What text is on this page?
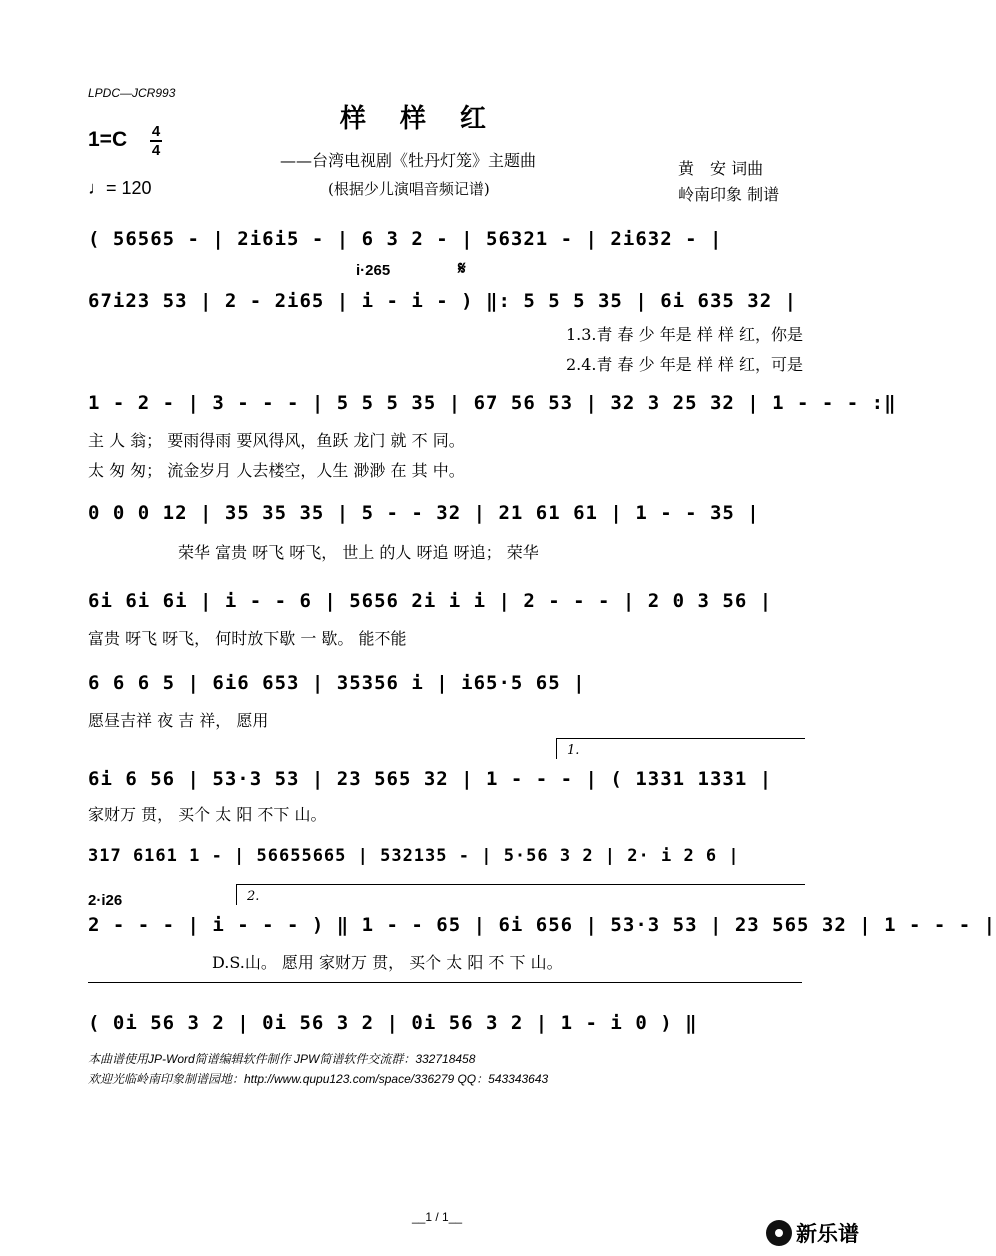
LPDC—JCR993
样样红
——台湾电视剧《牡丹灯笼》主题曲
(根据少儿演唱音频记谱)
1=C 4
4
♩= 120
黄　安 词曲
岭南印象 制谱
( 56565 - | 2i6i5 - | 6 3 2 - | 56321 - | 2i632 - |
i·265	𝄋
67i23 53 | 2 - 2i65 | i - i - ) ‖: 5 5 5 35 | 6i 635 32 |
1.3.青 春 少 年是 样 样 红，你是
2.4.青 春 少 年是 样 样 红，可是
1 - 2 - | 3 - - - | 5 5 5 35 | 67 56 53 | 32 3 25 32 | 1 - - - :‖
主 人 翁； 要雨得雨 要风得风，鱼跃 龙门 就 不 同。
太 匆 匆； 流金岁月 人去楼空，人生 渺渺 在 其 中。
0 0 0 12 | 35 35 35 | 5 - - 32 | 21 61 61 | 1 - - 35 |
荣华 富贵 呀飞 呀飞， 世上 的人 呀追 呀追； 荣华
6i 6i 6i | i - - 6 | 5656 2i i i | 2 - - - | 2 0 3 56 |
富贵 呀飞 呀飞， 何时放下歇 一 歇。 能不能
6 6 6 5 | 6i6 653 | 35356 i | i65·5 65 |
愿昼吉祥 夜 吉 祥， 愿用
1.
6i 6 56 | 53·3 53 | 23 565 32 | 1 - - - | ( 1331 1331 |
家财万 贯， 买个 太 阳 不下 山。
317 6161 1 - | 56655665 | 532135 - | 5·56 3 2 | 2· i 2 6 |
2.
2·i26
2 - - - | i - - - ) ‖ 1 - - 65 | 6i 656 | 53·3 53 | 23 565 32 | 1 - - - |
D.S.山。 愿用 家财万 贯， 买个 太 阳 不 下 山。
( 0i 56 3 2 | 0i 56 3 2 | 0i 56 3 2 | 1 - i 0 ) ‖
本曲谱使用JP-Word简谱编辑软件制作 JPW简谱软件交流群：332718458
欢迎光临岭南印象制谱园地：http://www.qupu123.com/space/336279 QQ：543343643
__1 / 1__
新乐谱
